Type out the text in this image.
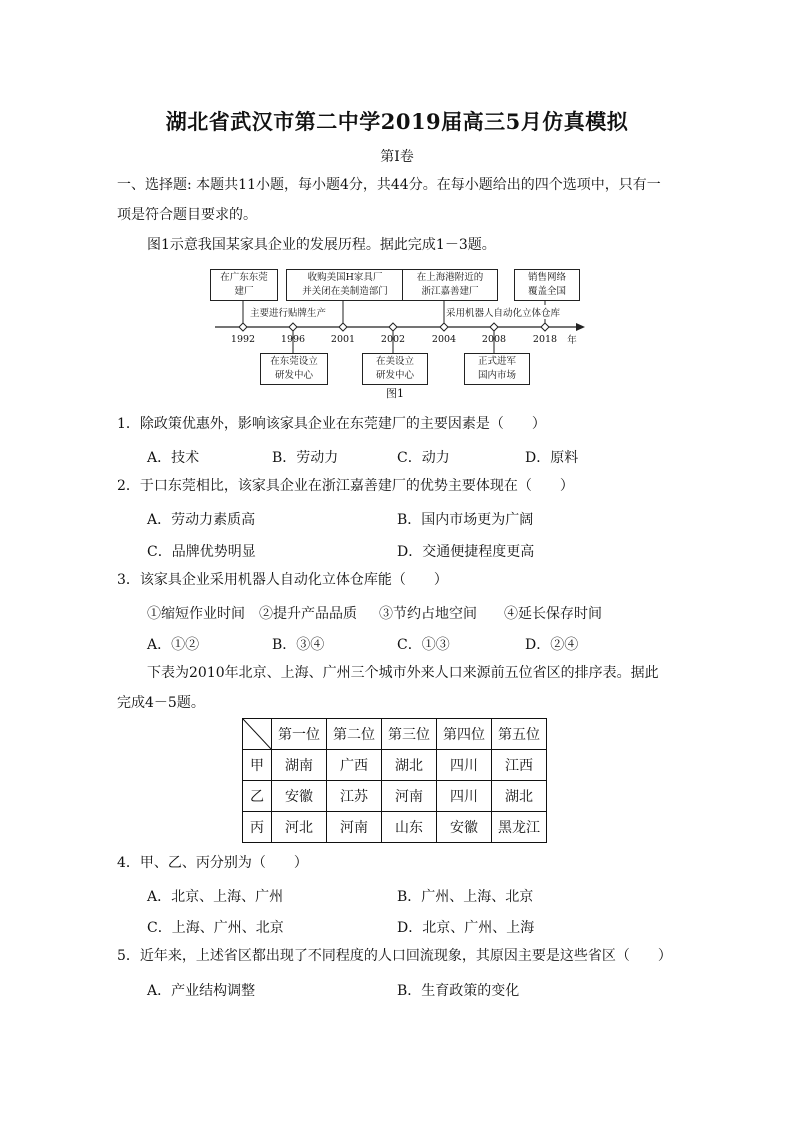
湖北省武汉市第二中学2019届高三5月仿真模拟
第Ⅰ卷
一、选择题: 本题共11小题，每小题4分，共44分。在每小题给出的四个选项中，只有一
项是符合题目要求的。
图1示意我国某家具企业的发展历程。据此完成1－3题。
在广东东莞
建厂
收购美国H家具厂
并关闭在美制造部门
在上海港附近的
浙江嘉善建厂
销售网络
覆盖全国
主要进行贴牌生产	采用机器人自动化立体仓库
1992	1996	2001	2002	2004	2008	2018	年
在东莞设立
研发中心
在美设立
研发中心
正式进军
国内市场
图1
1．除政策优惠外，影响该家具企业在东莞建厂的主要因素是（　　）
A．技术	B．劳动力	C．动力	D．原料
2．于口东莞相比，该家具企业在浙江嘉善建厂的优势主要体现在（　　）
A．劳动力素质高	B．国内市场更为广阔
C．品牌优势明显	D．交通便捷程度更高
3．该家具企业采用机器人自动化立体仓库能（　　）
①缩短作业时间 ②提升产品品质 ③节约占地空间 ④延长保存时间
A．①②	B．③④	C．①③	D．②④
下表为2010年北京、上海、广州三个城市外来人口来源前五位省区的排序表。据此
完成4－5题。
	第一位	第二位	第三位	第四位	第五位
甲	湖南	广西	湖北	四川	江西
乙	安徽	江苏	河南	四川	湖北
丙	河北	河南	山东	安徽	黑龙江
4．甲、乙、丙分别为（　　）
A．北京、上海、广州	B．广州、上海、北京
C．上海、广州、北京	D．北京、广州、上海
5．近年来，上述省区都出现了不同程度的人口回流现象，其原因主要是这些省区（　　）
A．产业结构调整	B．生育政策的变化
